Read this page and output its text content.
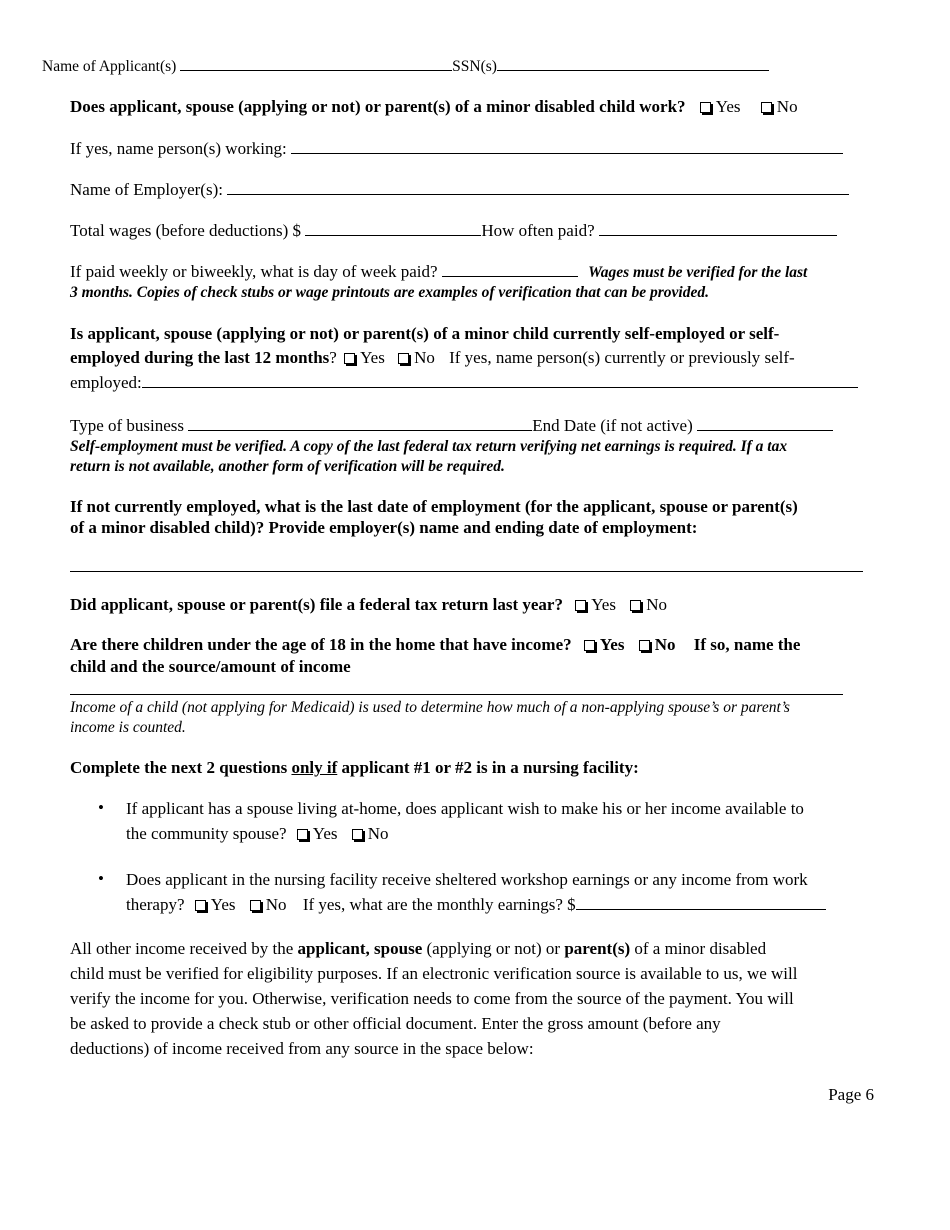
Name of Applicant(s)	SSN(s)
Does applicant, spouse (applying or not) or parent(s) of a minor disabled child work? Yes No
If yes, name person(s) working:
Name of Employer(s):
Total wages (before deductions) $	How often paid?
If paid weekly or biweekly, what is day of week paid?	Wages must be verified for the last
3 months. Copies of check stubs or wage printouts are examples of verification that can be provided.
Is applicant, spouse (applying or not) or parent(s) of a minor child currently self-employed or self-
employed during the last 12 months? Yes No If yes, name person(s) currently or previously self-
employed:
Type of business	End Date (if not active)
Self-employment must be verified. A copy of the last federal tax return verifying net earnings is required. If a tax
return is not available, another form of verification will be required.
If not currently employed, what is the last date of employment (for the applicant, spouse or parent(s)
of a minor disabled child)? Provide employer(s) name and ending date of employment:
Did applicant, spouse or parent(s) file a federal tax return last year? Yes No
Are there children under the age of 18 in the home that have income? Yes No If so, name the
child and the source/amount of income
Income of a child (not applying for Medicaid) is used to determine how much of a non-applying spouse’s or parent’s
income is counted.
Complete the next 2 questions only if applicant #1 or #2 is in a nursing facility:
• If applicant has a spouse living at-home, does applicant wish to make his or her income available to
the community spouse? Yes No
• Does applicant in the nursing facility receive sheltered workshop earnings or any income from work
therapy? Yes No If yes, what are the monthly earnings? $
All other income received by the applicant, spouse (applying or not) or parent(s) of a minor disabled
child must be verified for eligibility purposes. If an electronic verification source is available to us, we will
verify the income for you. Otherwise, verification needs to come from the source of the payment. You will
be asked to provide a check stub or other official document. Enter the gross amount (before any
deductions) of income received from any source in the space below:
Page 6
